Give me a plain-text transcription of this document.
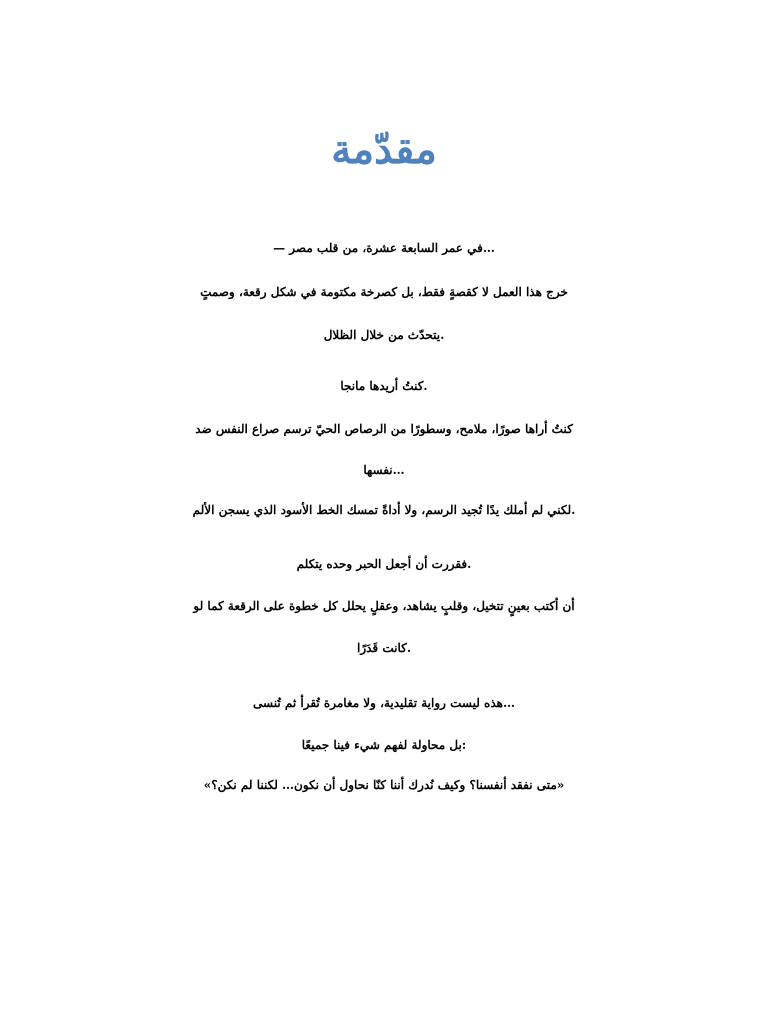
مقدّمة

…في عمر السابعة عشرة، من قلب مصر —

خرج هذا العمل لا كقصةٍ فقط، بل كصرخة مكتومة في شكل رقعة، وصمتٍ

.يتحدّث من خلال الظلال

.كنتُ أريدها مانجا

كنتُ أراها صورًا، ملامح، وسطورًا من الرصاص الحيّ ترسم صراع النفس ضد

…نفسها

.لكني لم أملك يدًا تُجيد الرسم، ولا أداةً تمسك الخط الأسود الذي يسجن الألم

.فقررت أن أجعل الحبر وحده يتكلم

أن أكتب بعينٍ تتخيل، وقلبٍ يشاهد، وعقلٍ يحلل كل خطوة على الرقعة كما لو

.كانت قَدَرًا

…هذه ليست رواية تقليدية، ولا مغامرة تُقرأ ثم تُنسى

:بل محاولة لفهم شيء فينا جميعًا

«متى نفقد أنفسنا؟ وكيف نُدرك أننا كنّا نحاول أن نكون… لكننا لم نكن؟»
